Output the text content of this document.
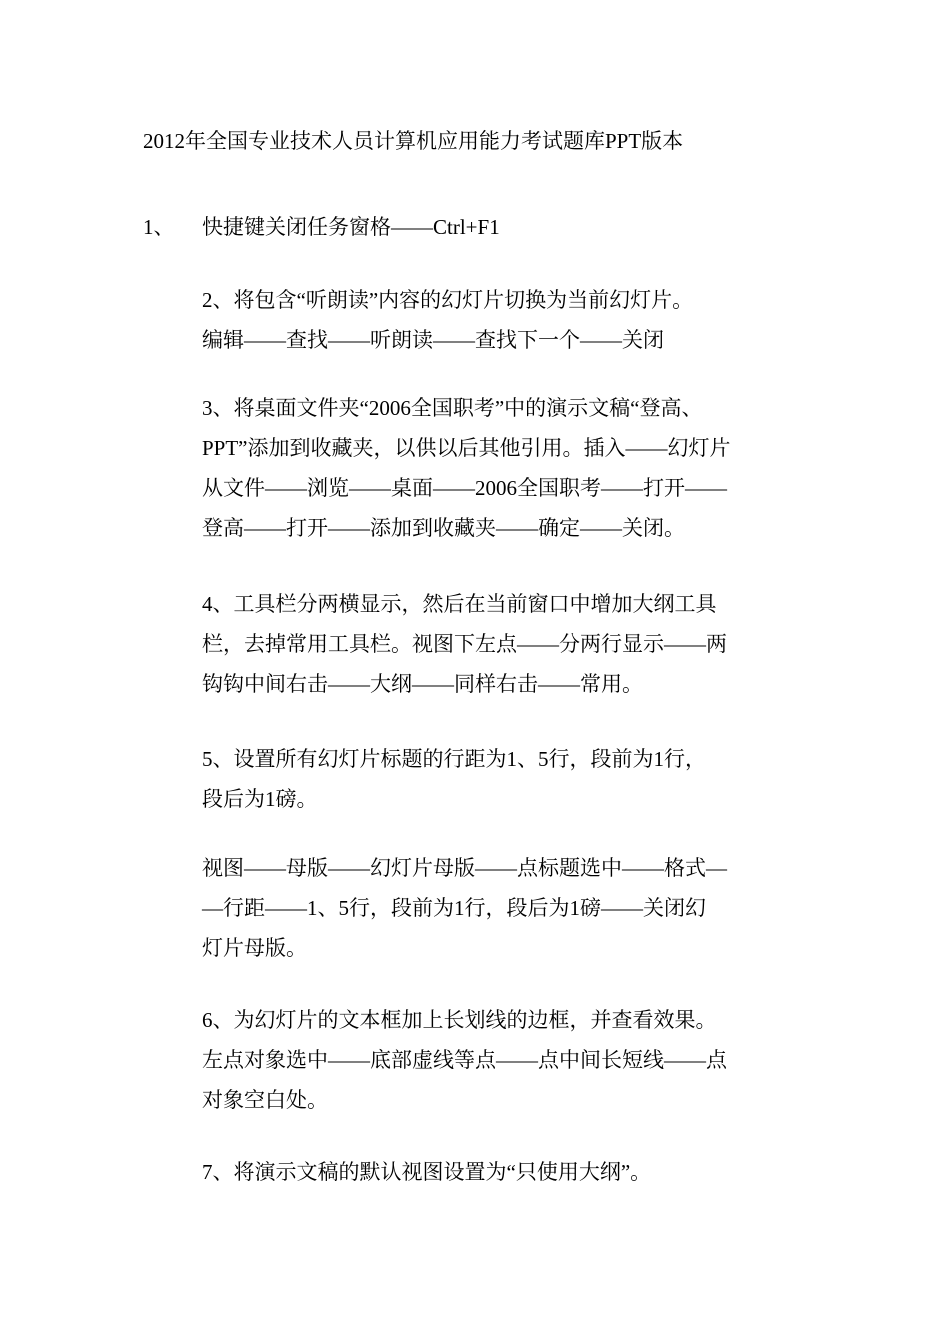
2012年全国专业技术人员计算机应用能力考试题库PPT版本
1、 快捷键关闭任务窗格——Ctrl+F1
2、将包含“听朗读”内容的幻灯片切换为当前幻灯片。
编辑——查找——听朗读——查找下一个——关闭
3、将桌面文件夹“2006全国职考”中的演示文稿“登高、
PPT”添加到收藏夹，以供以后其他引用。插入——幻灯片
从文件——浏览——桌面——2006全国职考——打开——
登高——打开——添加到收藏夹——确定——关闭。
4、工具栏分两横显示，然后在当前窗口中增加大纲工具
栏，去掉常用工具栏。视图下左点——分两行显示——两
钩钩中间右击——大纲——同样右击——常用。
5、设置所有幻灯片标题的行距为1、5行，段前为1行，
段后为1磅。
视图——母版——幻灯片母版——点标题选中——格式—
—行距——1、5行，段前为1行，段后为1磅——关闭幻
灯片母版。
6、为幻灯片的文本框加上长划线的边框，并查看效果。
左点对象选中——底部虚线等点——点中间长短线——点
对象空白处。
7、将演示文稿的默认视图设置为“只使用大纲”。
